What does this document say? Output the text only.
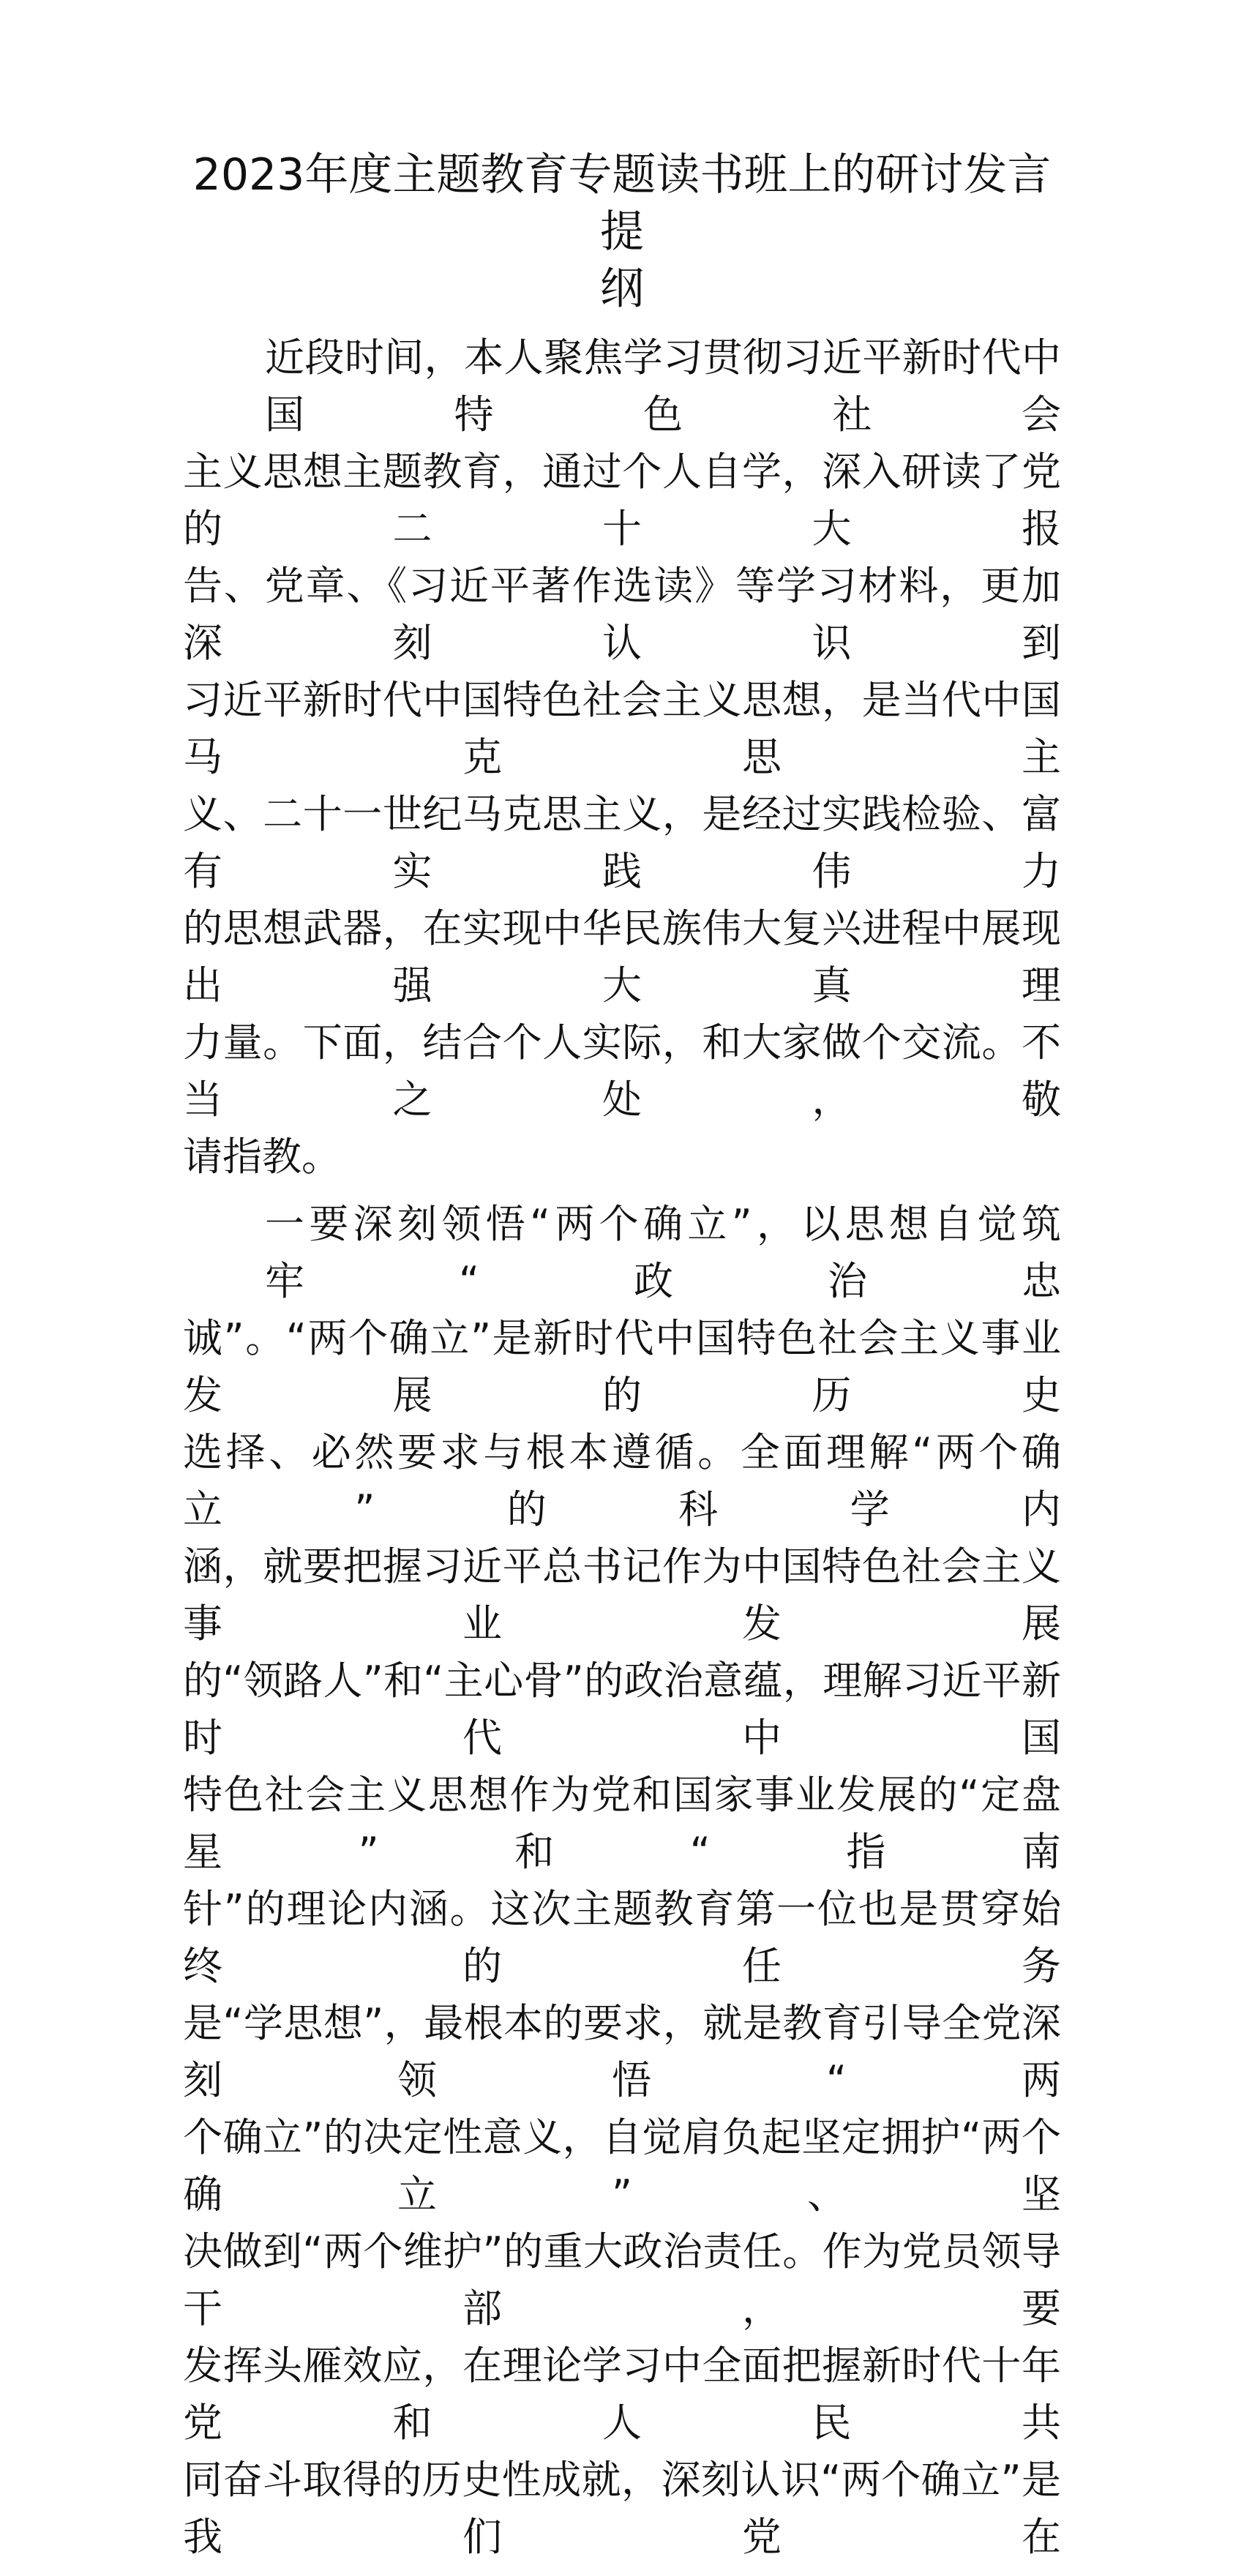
2023年度主题教育专题读书班上的研讨发言提
纲
近段时间，本人聚焦学习贯彻习近平新时代中国特色社会
主义思想主题教育，通过个人自学，深入研读了党的二十大报
告、党章、《习近平著作选读》等学习材料，更加深刻认识到
习近平新时代中国特色社会主义思想，是当代中国马克思主
义、二十一世纪马克思主义，是经过实践检验、富有实践伟力
的思想武器，在实现中华民族伟大复兴进程中展现出强大真理
力量。下面，结合个人实际，和大家做个交流。不当之处，敬
请指教。
一要深刻领悟“两个确立”，以思想自觉筑牢“政治忠
诚”。“两个确立”是新时代中国特色社会主义事业发展的历史
选择、必然要求与根本遵循。全面理解“两个确立”的科学内
涵，就要把握习近平总书记作为中国特色社会主义事业发展
的“领路人”和“主心骨”的政治意蕴，理解习近平新时代中国
特色社会主义思想作为党和国家事业发展的“定盘星”和“指南
针”的理论内涵。这次主题教育第一位也是贯穿始终的任务
是“学思想”，最根本的要求，就是教育引导全党深刻领悟“两
个确立”的决定性意义，自觉肩负起坚定拥护“两个确立”、坚
决做到“两个维护”的重大政治责任。作为党员领导干部，要
发挥头雁效应，在理论学习中全面把握新时代十年党和人民共
同奋斗取得的历史性成就，深刻认识“两个确立”是我们党在
